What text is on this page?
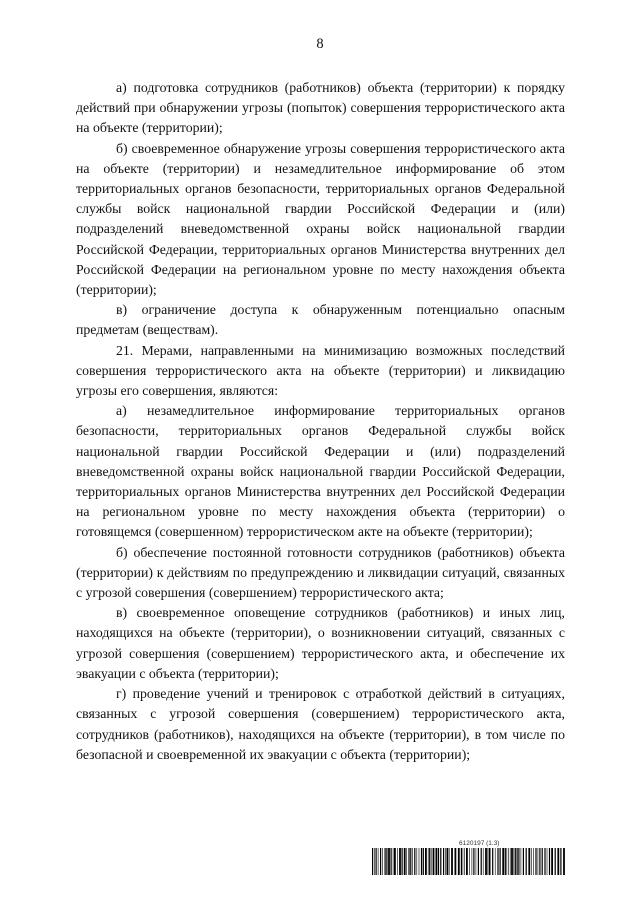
8

а) подготовка сотрудников (работников) объекта (территории) к порядку действий при обнаружении угрозы (попыток) совершения террористического акта на объекте (территории);

б) своевременное обнаружение угрозы совершения террористического акта на объекте (территории) и незамедлительное информирование об этом территориальных органов безопасности, территориальных органов Федеральной службы войск национальной гвардии Российской Федерации и (или) подразделений вневедомственной охраны войск национальной гвардии Российской Федерации, территориальных органов Министерства внутренних дел Российской Федерации на региональном уровне по месту нахождения объекта (территории);

в) ограничение доступа к обнаруженным потенциально опасным предметам (веществам).

21. Мерами, направленными на минимизацию возможных последствий совершения террористического акта на объекте (территории) и ликвидацию угрозы его совершения, являются:

а) незамедлительное информирование территориальных органов безопасности, территориальных органов Федеральной службы войск национальной гвардии Российской Федерации и (или) подразделений вневедомственной охраны войск национальной гвардии Российской Федерации, территориальных органов Министерства внутренних дел Российской Федерации на региональном уровне по месту нахождения объекта (территории) о готовящемся (совершенном) террористическом акте на объекте (территории);

б) обеспечение постоянной готовности сотрудников (работников) объекта (территории) к действиям по предупреждению и ликвидации ситуаций, связанных с угрозой совершения (совершением) террористического акта;

в) своевременное оповещение сотрудников (работников) и иных лиц, находящихся на объекте (территории), о возникновении ситуаций, связанных с угрозой совершения (совершением) террористического акта, и обеспечение их эвакуации с объекта (территории);

г) проведение учений и тренировок с отработкой действий в ситуациях, связанных с угрозой совершения (совершением) террористического акта, сотрудников (работников), находящихся на объекте (территории), в том числе по безопасной и своевременной их эвакуации с объекта (территории);

6120197 (1.3)
